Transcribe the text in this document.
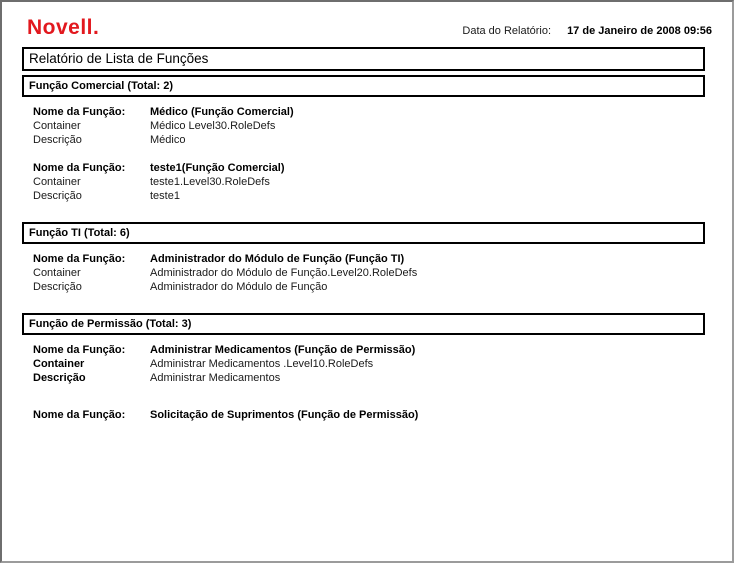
Novell.	Data do Relatório: 17 de Janeiro de 2008 09:56
Relatório de Lista de Funções
Função Comercial (Total: 2)
Nome da Função:	Médico (Função Comercial)
Container	Médico Level30.RoleDefs
Descrição	Médico
Nome da Função:	teste1(Função Comercial)
Container	teste1.Level30.RoleDefs
Descrição	teste1
Função TI (Total: 6)
Nome da Função:	Administrador do Módulo de Função (Função TI)
Container	Administrador do Módulo de Função.Level20.RoleDefs
Descrição	Administrador do Módulo de Função
Função de Permissão (Total: 3)
Nome da Função:	Administrar Medicamentos (Função de Permissão)
Container	Administrar Medicamentos .Level10.RoleDefs
Descrição	Administrar Medicamentos
Nome da Função:	Solicitação de Suprimentos (Função de Permissão)
